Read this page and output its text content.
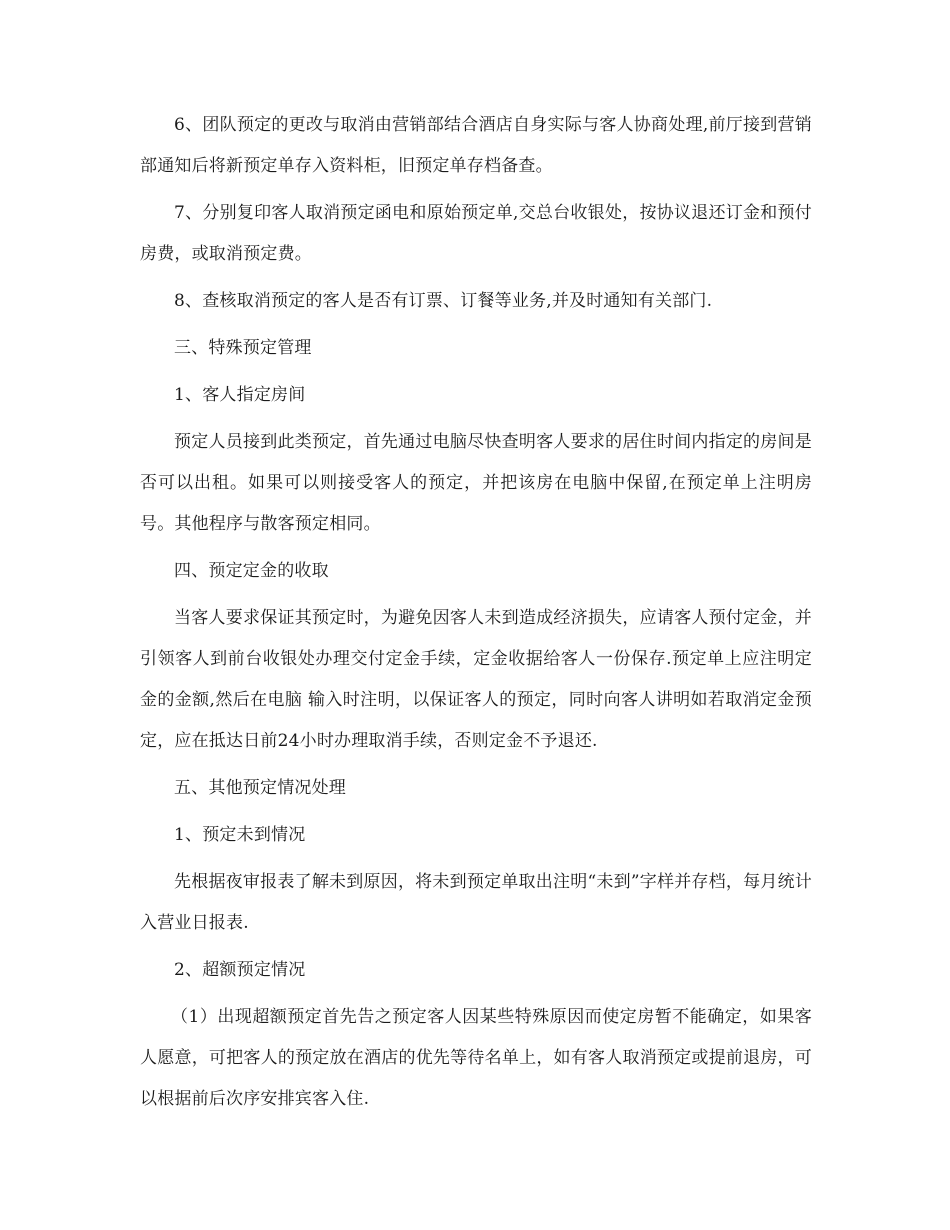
6、团队预定的更改与取消由营销部结合酒店自身实际与客人协商处理,前厅接到营销部通知后将新预定单存入资料柜，旧预定单存档备查。

7、分别复印客人取消预定函电和原始预定单,交总台收银处，按协议退还订金和预付房费，或取消预定费。

8、查核取消预定的客人是否有订票、订餐等业务,并及时通知有关部门.

三、特殊预定管理

1、客人指定房间

预定人员接到此类预定，首先通过电脑尽快查明客人要求的居住时间内指定的房间是否可以出租。如果可以则接受客人的预定，并把该房在电脑中保留,在预定单上注明房号。其他程序与散客预定相同。

四、预定定金的收取

当客人要求保证其预定时，为避免因客人未到造成经济损失，应请客人预付定金，并引领客人到前台收银处办理交付定金手续，定金收据给客人一份保存.预定单上应注明定金的金额,然后在电脑 输入时注明，以保证客人的预定，同时向客人讲明如若取消定金预定，应在抵达日前24小时办理取消手续，否则定金不予退还.

五、其他预定情况处理

1、预定未到情况

先根据夜审报表了解未到原因，将未到预定单取出注明“未到”字样并存档，每月统计入营业日报表.

2、超额预定情况

（1）出现超额预定首先告之预定客人因某些特殊原因而使定房暂不能确定，如果客人愿意，可把客人的预定放在酒店的优先等待名单上，如有客人取消预定或提前退房，可以根据前后次序安排宾客入住.
